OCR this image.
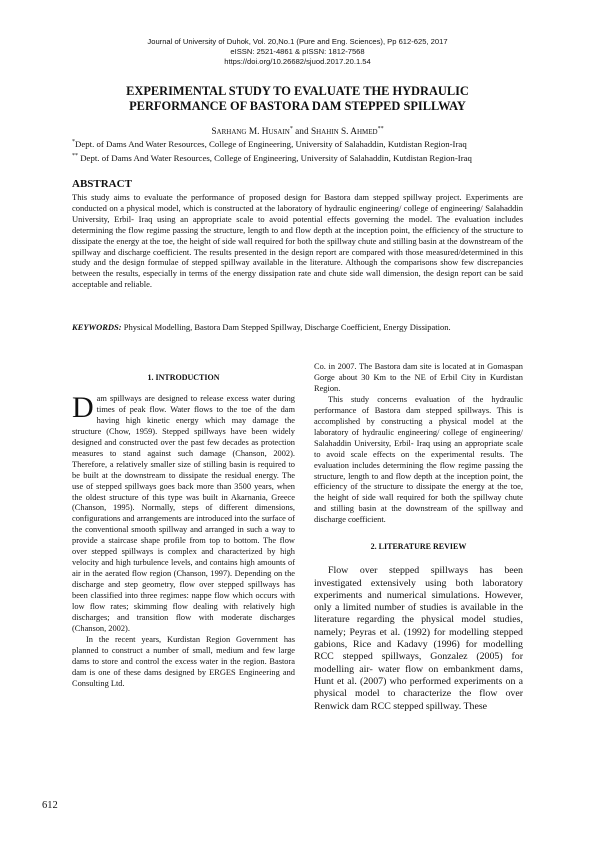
Journal of University of Duhok, Vol. 20,No.1 (Pure and Eng. Sciences), Pp 612-625, 2017
eISSN: 2521-4861 & pISSN: 1812-7568
https://doi.org/10.26682/sjuod.2017.20.1.54
EXPERIMENTAL STUDY TO EVALUATE THE HYDRAULIC
PERFORMANCE OF BASTORA DAM STEPPED SPILLWAY
Sarhang M. Husain* and Shahin S. Ahmed**
*Dept. of Dams And Water Resources, College of Engineering, University of Salahaddin, Kutdistan Region-Iraq
** Dept. of Dams And Water Resources, College of Engineering, University of Salahaddin, Kutdistan Region-Iraq
ABSTRACT
This study aims to evaluate the performance of proposed design for Bastora dam stepped spillway project. Experiments are conducted on a physical model, which is constructed at the laboratory of hydraulic engineering/ college of engineering/ Salahaddin University, Erbil- Iraq using an appropriate scale to avoid potential effects governing the model. The evaluation includes determining the flow regime passing the structure, length to and flow depth at the inception point, the efficiency of the structure to dissipate the energy at the toe, the height of side wall required for both the spillway chute and stilling basin at the downstream of the spillway and discharge coefficient. The results presented in the design report are compared with those measured/determined in this study and the design formulae of stepped spillway available in the literature. Although the comparisons show few discrepancies between the results, especially in terms of the energy dissipation rate and chute side wall dimension, the design report can be said acceptable and reliable.
KEYWORDS: Physical Modelling, Bastora Dam Stepped Spillway, Discharge Coefficient, Energy Dissipation.
1. INTRODUCTION

Dam spillways are designed to release excess water during times of peak flow. Water flows to the toe of the dam having high kinetic energy which may damage the structure (Chow, 1959). Stepped spillways have been widely designed and constructed over the past few decades as protection measures to stand against such damage (Chanson, 2002). Therefore, a relatively smaller size of stilling basin is required to be built at the downstream to dissipate the residual energy. The use of stepped spillways goes back more than 3500 years, when the oldest structure of this type was built in Akarnania, Greece (Chanson, 1995). Normally, steps of different dimensions, configurations and arrangements are introduced into the surface of the conventional smooth spillway and arranged in such a way to provide a staircase shape profile from top to bottom. The flow over stepped spillways is complex and characterized by high velocity and high turbulence levels, and contains high amounts of air in the aerated flow region (Chanson, 1997). Depending on the discharge and step geometry, flow over stepped spillways has been classified into three regimes: nappe flow which occurs with low flow rates; skimming flow dealing with relatively high discharges; and transition flow with moderate discharges (Chanson, 2002).

In the recent years, Kurdistan Region Government has planned to construct a number of small, medium and few large dams to store and control the excess water in the region. Bastora dam is one of these dams designed by ERGES Engineering and Consulting Ltd.

Co. in 2007. The Bastora dam site is located at in Gomaspan Gorge about 30 Km to the NE of Erbil City in Kurdistan Region.

This study concerns evaluation of the hydraulic performance of Bastora dam stepped spillways. This is accomplished by constructing a physical model at the laboratory of hydraulic engineering/ college of engineering/ Salahaddin University, Erbil- Iraq using an appropriate scale to avoid scale effects on the experimental results. The evaluation includes determining the flow regime passing the structure, length to and flow depth at the inception point, the efficiency of the structure to dissipate the energy at the toe, the height of side wall required for both the spillway chute and stilling basin at the downstream of the spillway and discharge coefficient.

2. LITERATURE REVIEW

Flow over stepped spillways has been investigated extensively using both laboratory experiments and numerical simulations. However, only a limited number of studies is available in the literature regarding the physical model studies, namely; Peyras et al. (1992) for modelling stepped gabions, Rice and Kadavy (1996) for modelling RCC stepped spillways, Gonzalez (2005) for modelling air- water flow on embankment dams, Hunt et al. (2007) who performed experiments on a physical model to characterize the flow over Renwick dam RCC stepped spillway. These

612
